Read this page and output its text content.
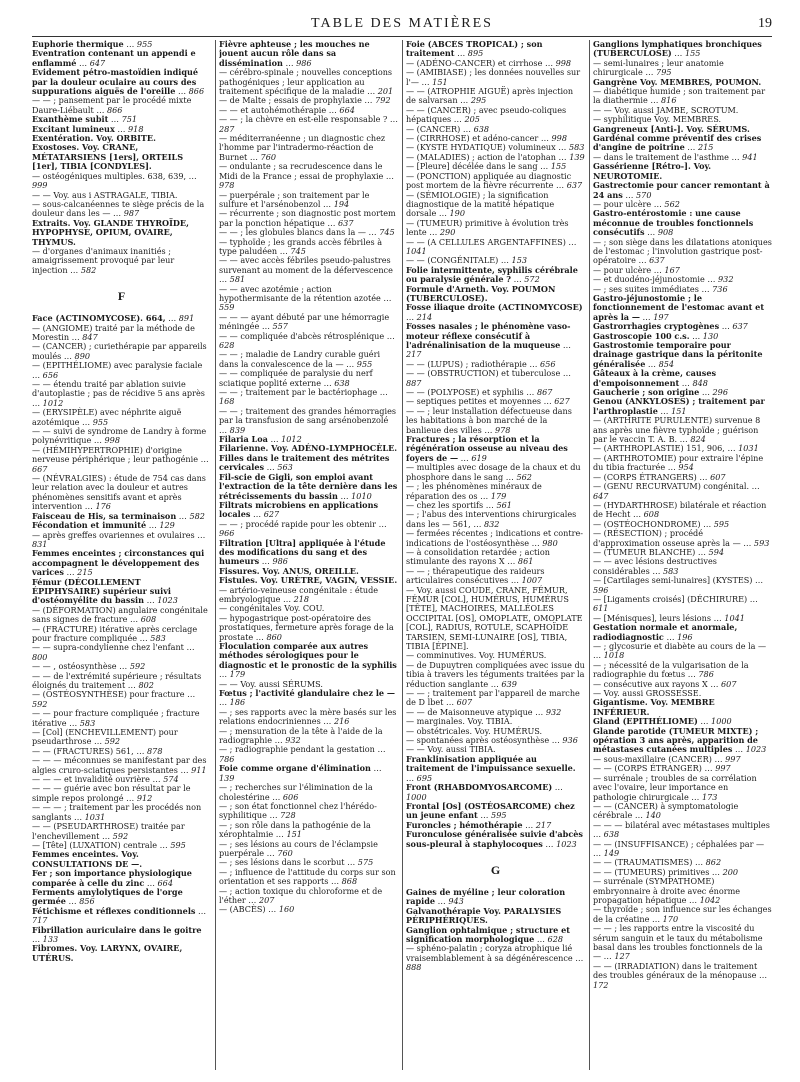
TABLE DES MATIÈRES	19

Euphorie thermique … 955

Eventration contenant un appendi e enflammé … 647

Evidement pétro-mastoïdien indiqué par la douleur oculaire au cours des suppurations aiguës de l'oreille … 866

— — ; pansement par le procédé mixte Daure-Liébault … 866

Exanthème subit … 751

Excitant lumineux … 918

Exentération. Voy. ORBITE.

Exostoses. Voy. CRANE, MÉTATARSIENS [1ers], ORTEILS [1er], TIBIA [CONDYLES].

— ostéogéniques multiples. 638, 639, … 999

— — Voy. aus i ASTRAGALE, TIBIA.

— sous-calcanéennes te siège précis de la douleur dans les — … 987

Extraits. Voy. GLANDE THYROÏDE, HYPOPHYSE, OPIUM, OVAIRE, THYMUS.

— d'organes d'animaux inanitiés ; amaigrissement provoqué par leur injection … 582

F

Face (ACTINOMYCOSE). 664, … 891

— (ANGIOME) traité par la méthode de Morestin … 847

— (CANCER) ; curiethérapie par appareils moulés … 890

— (EPITHÉLIOME) avec paralysie faciale … 656

— — étendu traité par ablation suivie d'autoplastie ; pas de récidive 5 ans après … 1012

— (ERYSIPÈLE) avec néphrite aiguë azotémique … 955

— — suivi de syndrome de Landry à forme polynévritique … 998

— (HÉMIHYPERTROPHIE) d'origine nerveuse périphérique ; leur pathogénie … 667

— (NÉVRALGIES) : étude de 754 cas dans leur relation avec la douleur et autres phénomènes sensitifs avant et après intervention … 176

Faisceau de His, sa terminaison … 582

Fécondation et immunité … 129

— après greffes ovariennes et ovulaires … 831

Femmes enceintes ; circonstances qui accompagnent le développement des varices … 215

Fémur (DÉCOLLEMENT ÉPIPHYSAIRE) supérieur suivi d'ostéomyélite du bassin … 1023

— (DÉFORMATION) angulaire congénitale sans signes de fracture … 608

— (FRACTURE) itérative après cerclage pour fracture compliquée … 583

— — supra-condylienne chez l'enfant … 800

— — , ostéosynthèse … 592

— — de l'extrémité supérieure ; résultats éloignés du traitement … 802

— (OSTÉOSYNTHÈSE) pour fracture … 592

— — pour fracture compliquée ; fracture itérative … 583

— [Col] (ENCHEVILLEMENT) pour pseudarthrose … 592

— — (FRACTURES) 561, … 878

— — — méconnues se manifestant par des algies cruro-sciatiques persistantes … 911

— — — et invalidité ouvrière … 574

— — — guérie avec bon résultat par le simple repos prolongé … 912

— — — ; traitement par les procédés non sanglants … 1031

— — (PSEUDARTHROSE) traitée par l'enchevillement … 592

— [Tête] (LUXATION) centrale … 595

Femmes enceintes. Voy. CONSULTATIONS DE —.

Fer ; son importance physiologique comparée à celle du zinc … 664

Ferments amylolytiques de l'orge germée … 856

Fétichisme et réflexes conditionnels … 717

Fibrillation auriculaire dans le goitre … 133

Fibromes. Voy. LARYNX, OVAIRE, UTÉRUS.

Fièvre aphteuse ; les mouches ne jouent aucun rôle dans sa dissémination … 986

— cérébro-spinale ; nouvelles conceptions pathogéniques ; leur application au traitement spécifique de la maladie … 201

— de Malte ; essais de prophylaxie … 792

— — et autohémothérapie … 664

— — ; la chèvre en est-elle responsable ? … 287

— méditerranéenne ; un diagnostic chez l'homme par l'intradermo-réaction de Burnet … 760

— ondulante ; sa recrudescence dans le Midi de la France ; essai de prophylaxie … 978

— puerpérale ; son traitement par le sulfure et l'arsénobenzol … 194

— récurrente ; son diagnostic post mortem par la ponction hépatique … 637

— — ; les globules blancs dans la — … 745

— typhoïde ; les grands accès fébriles à type paludéen … 745

— — avec accès fébriles pseudo-palustres survenant au moment de la défervescence … 581

— — avec azotémie ; action hypothermisante de la rétention azotée … 559

— — — ayant débuté par une hémorragie méningée … 557

— — compliquée d'abcès rétrosplénique … 628

— — ; maladie de Landry curable guéri dans la convalescence de la — … 955

— — compliquée de paralysie du nerf sciatique poplité externe … 638

— — ; traitement par le bactériophage … 168

— — ; traitement des grandes hémorragies par la transfusion de sang arsénobenzolé … 839

Filaria Loa … 1012

Filarienne. Voy. ADÉNO-LYMPHOCÈLE.

Filles dans le traitement des métrites cervicales … 563

Fil-scie de Gigli, son emploi avant l'extraction de la tête dernière dans les rétrécissements du bassin … 1010

Filtrats microbiens en applications locales … 627

— — ; procédé rapide pour les obtenir … 966

Filtration [Ultra] appliquée à l'étude des modifications du sang et des humeurs … 986

Fissures. Voy. ANUS, OREILLE.

Fistules. Voy. URÈTRE, VAGIN, VESSIE.

— artério-veineuse congénitale : étude embryologique … 218

— congénitales Voy. COU.

— hypogastrique post-opératoire des prostatiques, fermeture après forage de la prostate … 860

Floculation comparée aux autres méthodes sérologiques pour le diagnostic et le pronostic de la syphilis … 179

— — Voy. aussi SÉRUMS.

Fœtus ; l'activité glandulaire chez le — … 186

— ; ses rapports avec la mère basés sur les relations endocriniennes … 216

— ; mensuration de la tête à l'aide de la radiographie … 932

— ; radiographie pendant la gestation … 786

Foie comme organe d'élimination … 139

— ; recherches sur l'élimination de la cholestérine … 606

— ; son état fonctionnel chez l'hérédo-syphilitique … 728

— ; son rôle dans la pathogénie de la xérophtalmie … 151

— ; ses lésions au cours de l'éclampsie puerpérale … 760

— ; ses lésions dans le scorbut … 575

— ; influence de l'attitude du corps sur son orientation et ses rapports … 868

— ; action toxique du chloroforme et de l'éther … 207

— (ABCÈS) … 160

Foie (ABCÈS TROPICAL) ; son traitement … 895

— (ADÉNO-CANCER) et cirrhose … 998

— (AMIBIASE) ; les données nouvelles sur l'— … 151

— — (ATROPHIE AIGUË) après injection de salvarsan … 295

— — (CANCER) ; avec pseudo-coliques hépatiques … 205

— (CANCER) … 638

— (CIRRHOSE) et adéno-cancer … 998

— (KYSTE HYDATIQUE) volumineux … 583

— (MALADIES) ; action de l'atophan … 139

— [Pleure] décélée dans le sang … 155

— (PONCTION) appliquée au diagnostic post mortem de la fièvre récurrente … 637

— (SÉMIOLOGIE) ; la signification diagnostique de la matité hépatique dorsale … 190

— (TUMEUR) primitive à évolution très lente … 290

— — (A CELLULES ARGENTAFFINES) … 1041

— — (CONGÉNITALE) … 153

Folie intermittente, syphilis cérébrale ou paralysie générale ? … 572

Formule d'Arneth. Voy. POUMON (TUBERCULOSE).

Fosse iliaque droite (ACTINOMYCOSE) … 214

Fosses nasales ; le phénomène vaso-moteur réflexe consécutif à l'adrénalinisation de la muqueuse … 217

— — (LUPUS) ; radiothérapie … 656

— — (OBSTRUCTION) et tuberculose … 887

— — (POLYPOSE) et syphilis … 867

— septiques petites et moyennes … 627

— — ; leur installation défectueuse dans les habitations à bon marché de la banlieue des villes … 978

Fractures ; la résorption et la régénération osseuse au niveau des foyers de — … 619

— multiples avec dosage de la chaux et du phosphore dans le sang … 562

— ; les phénomènes minéraux de réparation des os … 179

— chez les sportifs … 561

— ; l'abus des interventions chirurgicales dans les — 561, … 832

— fermées récentes ; indications et contre-indications de l'ostéosynthèse … 980

— à consolidation retardée ; action stimulante des rayons X … 861

— — ; thérapeutique des raideurs articulaires consécutives … 1007

— Voy. aussi COUDE, CRANE, FÉMUR, FÉMUR [COL], HUMÉRUS, HUMÉRUS [TÊTE], MACHOIRES, MALLÉOLES OCCIPITAL [OS], OMOPLATE, OMOPLATE [COL], RADIUS, ROTULE, SCAPHOÏDE TARSIEN, SEMI-LUNAIRE [OS], TIBIA, TIBIA [ÉPINE].

— comminutives. Voy. HUMÉRUS.

— de Dupuytren compliquées avec issue du tibia à travers les téguments traitées par la réduction sanglante … 639

— — ; traitement par l'appareil de marche de D lbet … 607

— — de Maisonneuve atypique … 932

— marginales. Voy. TIBIA.

— obstétricales. Voy. HUMÉRUS.

— spontanées après ostéosynthèse … 936

— — Voy. aussi TIBIA.

Franklinisation appliquée au traitement de l'impuissance sexuelle. … 695

Front (RHABDOMYOSARCOME) … 1000

Frontal [Os] (OSTÉOSARCOME) chez un jeune enfant … 595

Furoncles ; hémothérapie … 217

Furonculose généralisée suivie d'abcès sous-pleural à staphylocoques … 1023

G

Gaines de myéline ; leur coloration rapide … 943

Galvanothérapie Voy. PARALYSIES PÉRIPHÉRIQUES.

Ganglion ophtalmique ; structure et signification morphologique … 628

— sphéno-palatin ; coryza atrophique lié vraisemblablement à sa dégénérescence … 888

Ganglions lymphatiques bronchiques (TUBERCULOSE) … 155

— semi-lunaires ; leur anatomie chirurgicale … 795

Gangrène Voy. MEMBRES, POUMON.

— diabétique humide ; son traitement par la diathermie … 816

— — Voy. aussi JAMBE, SCROTUM.

— syphilitique Voy. MEMBRES.

Gangreneux [Anti-]. Voy. SÉRUMS.

Gardénal comme préventif des crises d'angine de poitrine … 215

— dans le traitement de l'asthme … 941

Gassérienne [Rétro-]. Voy. NEUROTOMIE.

Gastrectomie pour cancer remontant à 24 ans … 570

— pour ulcère … 562

Gastro-entérostomie : une cause méconnue de troubles fonctionnels consécutifs … 908

— ; son siège dans les dilatations atoniques de l'estomac ; l'involution gastrique post-opératoire … 637

— pour ulcère … 167

— et duodéno-jéjunostomie … 932

— ; ses suites immédiates … 736

Gastro-jéjunostomie ; le fonctionnement de l'estomac avant et après la — … 197

Gastrorrhagies cryptogènes … 637

Gastroscopie 100 c.s. … 130

Gastrostomie temporaire pour drainage gastrique dans la péritonite généralisée … 854

Gâteaux à la crème, causes d'empoisonnement … 848

Gaucherie ; son origine … 296

Genou (ANKYLOSES) ; traitement par l'arthroplastie … 151

— (ARTHRITE PURULENTE) survenue 8 ans après une fièvre typhoïde ; guérison par le vaccin T. A. B. … 824

— (ARTHROPLASTIE) 151, 906, … 1031

— (ARTHROTOMIE) pour extraire l'épine du tibia fracturée … 954

— (CORPS ÉTRANGERS) … 607

— (GENU RECURVATUM) congénital. … 647

— (HYDARTHROSE) bilatérale et réaction de Hecht … 608

— (OSTÉOCHONDROME) … 595

— (RÉSECTION) ; procédé d'approximation osseuse après la — … 593

— (TUMEUR BLANCHE) … 594

— — avec lésions destructives considérables … 583

— [Cartilages semi-lunaires] (KYSTES) … 596

— [Ligaments croisés] (DÉCHIRURE) … 611

— [Ménisques], leurs lésions … 1041

Gestation normale et anormale, radiodiagnostic … 196

— ; glycosurie et diabète au cours de la — … 1018

— ; nécessité de la vulgarisation de la radiographie du fœtus … 786

— consécutive aux rayons X … 607

— Voy. aussi GROSSESSE.

Gigantisme. Voy. MEMBRE INFÉRIEUR.

Gland (EPITHÉLIOME) … 1000

Glande parotide (TUMEUR MIXTE) ; opération 3 ans après, apparition de métastases cutanées multiples … 1023

— sous-maxillaire (CANCER) … 997

— — (CORPS ÉTRANGER) … 997

— surrénale ; troubles de sa corrélation avec l'ovaire, leur importance en pathologie chirurgicale … 173

— — (CANCER) à symptomatologie cérébrale … 140

— — — bilatéral avec métastases multiples … 638

— — (INSUFFISANCE) ; céphalées par — … 149

— — (TRAUMATISMES) … 862

— — (TUMEURS) primitives … 200

— surrénale (SYMPATHOME) embryonnaire à droite avec énorme propagation hépatique … 1042

— thyroïde ; son influence sur les échanges de la créatine … 170

— — ; les rapports entre la viscosité du sérum sanguin et le taux du métabolisme basal dans les troubles fonctionnels de la — … 127

— — (IRRADIATION) dans le traitement des troubles généraux de la ménopause … 172
